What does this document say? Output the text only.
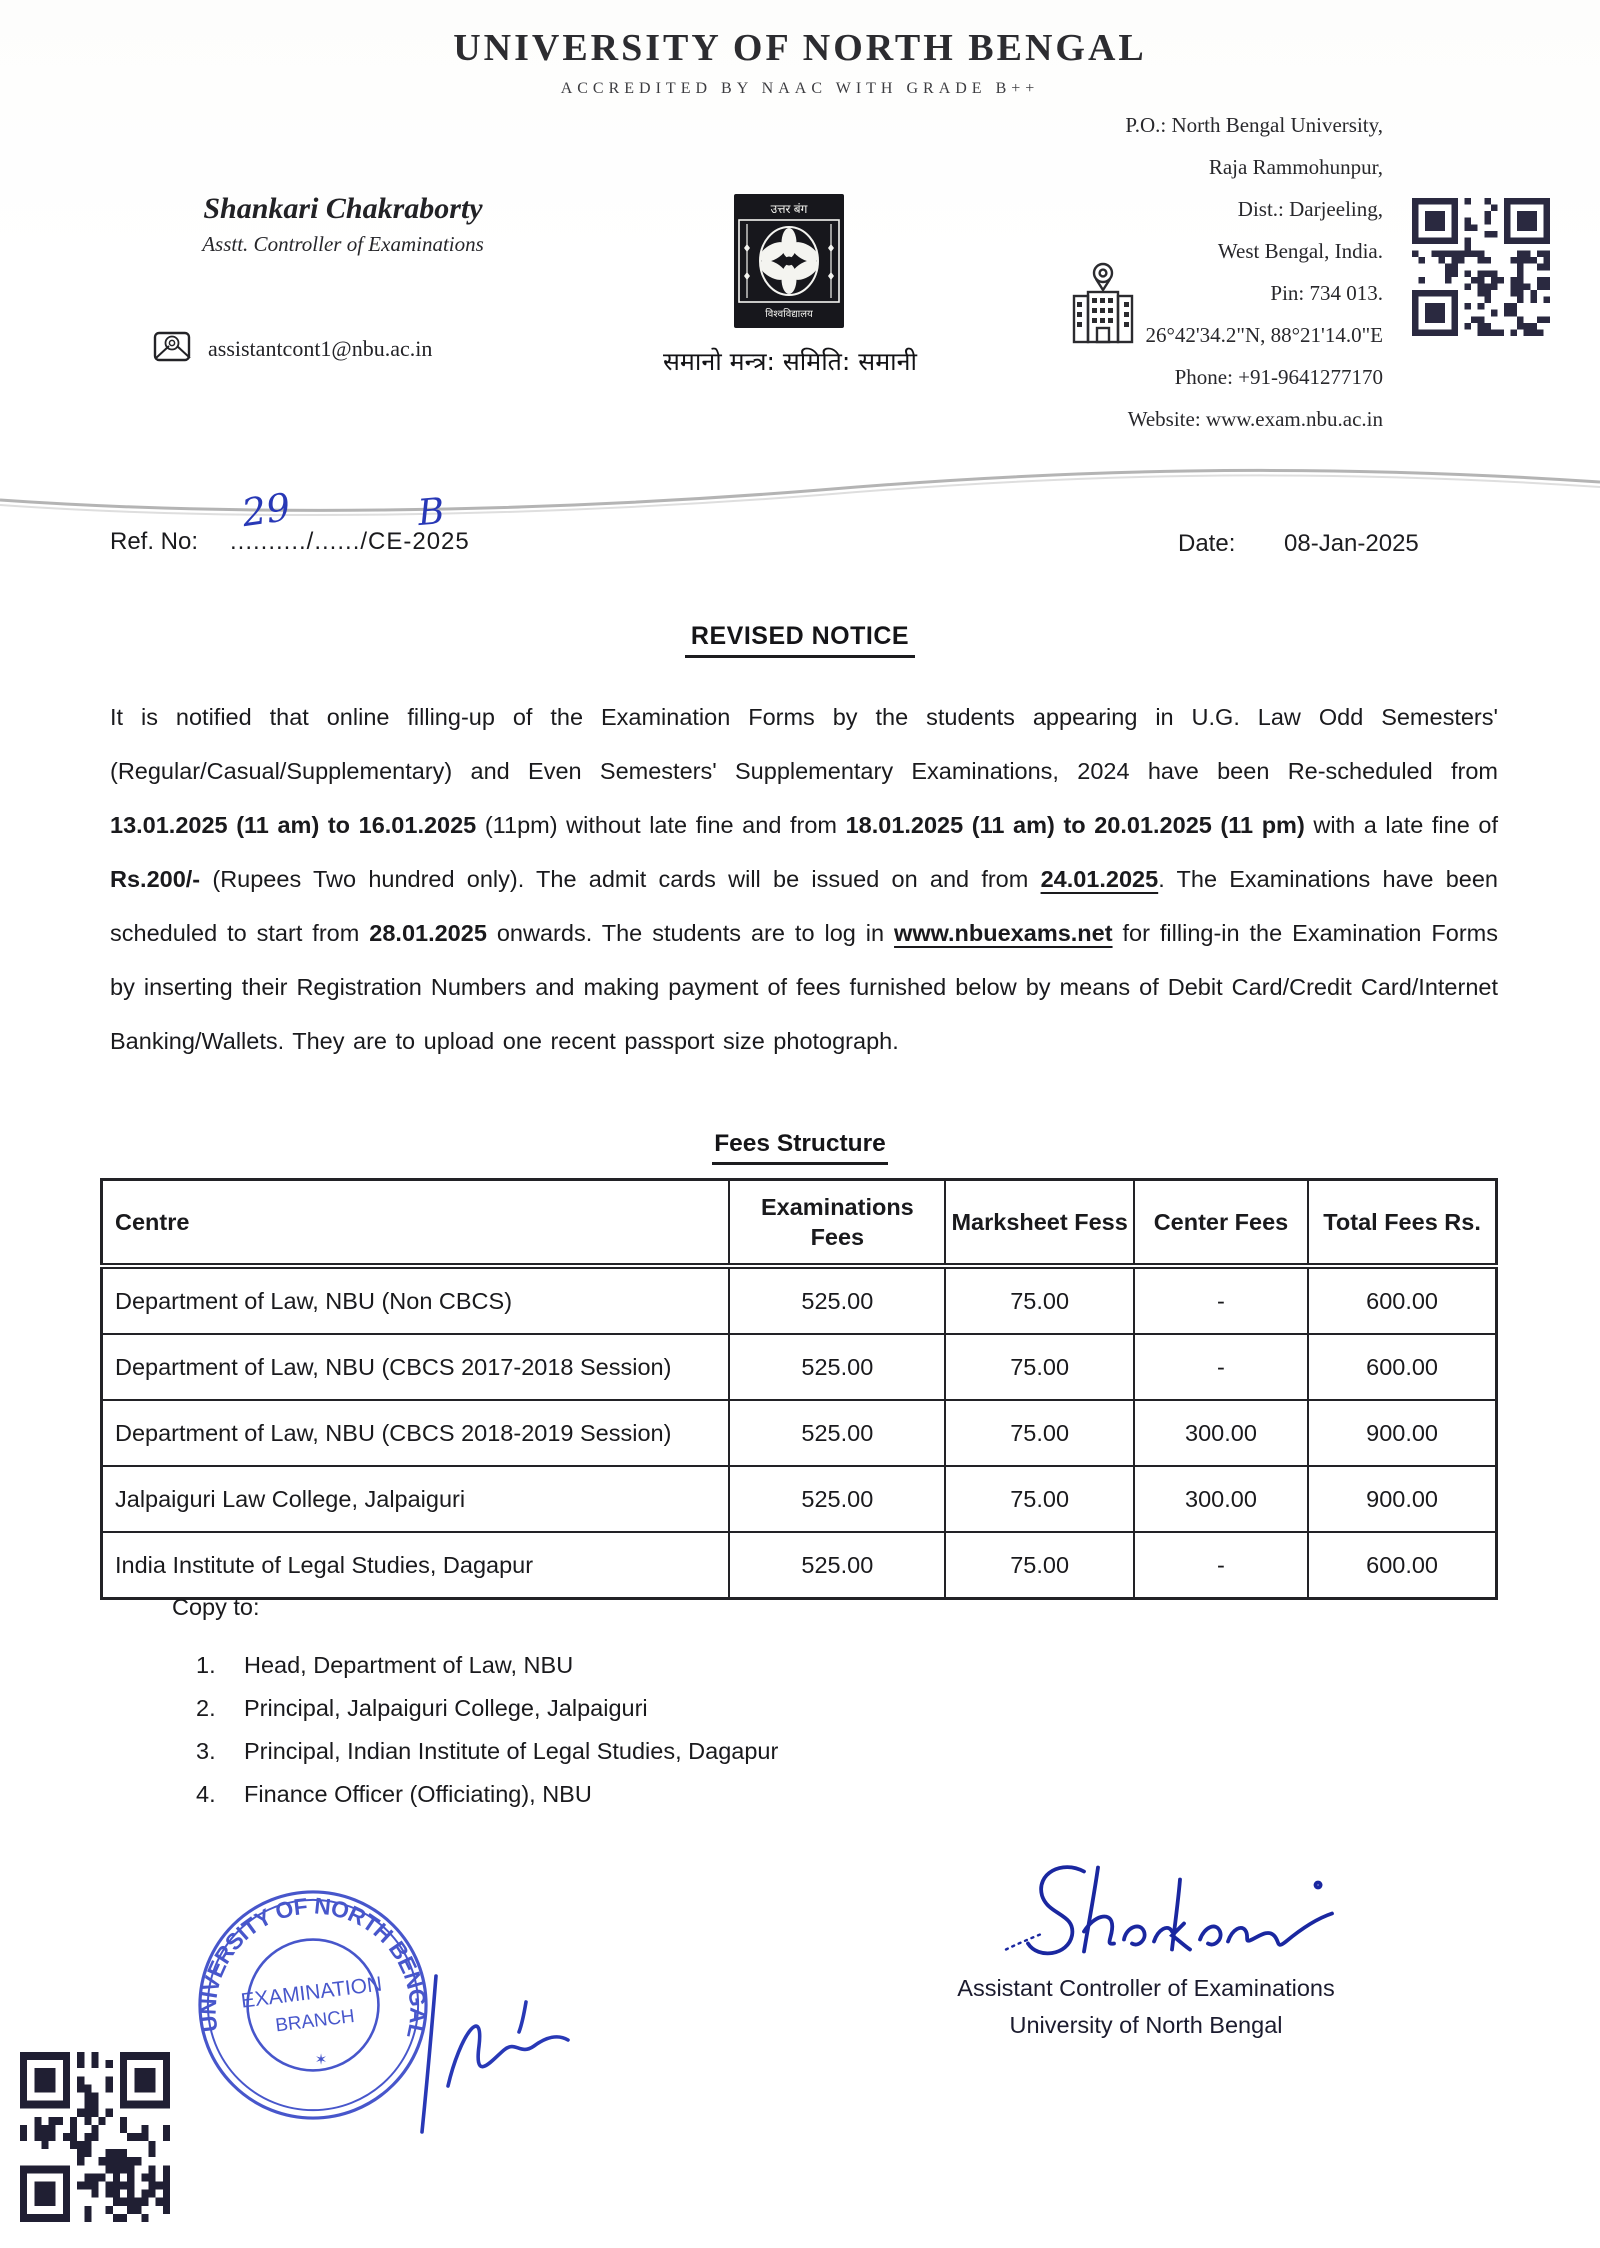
UNIVERSITY OF NORTH BENGAL
ACCREDITED BY NAAC WITH GRADE B++
Shankari Chakraborty
Asstt. Controller of Examinations
assistantcont1@nbu.ac.in
उत्तर बंग
विश्वविद्यालय
समानो मन्त्र: समिति: समानी
P.O.: North Bengal University,
Raja Rammohunpur,
Dist.: Darjeeling,
West Bengal, India.
Pin: 734 013.
26°42'34.2"N, 88°21'14.0"E
Phone: +91-9641277170
Website: www.exam.nbu.ac.in
Ref. No: ........../....../CE-2025
29	B
Date: 08-Jan-2025
REVISED NOTICE
It is notified that online filling-up of the Examination Forms by the students appearing in U.G. Law Odd Semesters' (Regular/Casual/Supplementary) and Even Semesters' Supplementary Examinations, 2024 have been Re-scheduled from 13.01.2025 (11 am) to 16.01.2025 (11pm) without late fine and from 18.01.2025 (11 am) to 20.01.2025 (11 pm) with a late fine of Rs.200/- (Rupees Two hundred only). The admit cards will be issued on and from 24.01.2025. The Examinations have been scheduled to start from 28.01.2025 onwards. The students are to log in www.nbuexams.net for filling-in the Examination Forms by inserting their Registration Numbers and making payment of fees furnished below by means of Debit Card/Credit Card/Internet Banking/Wallets. They are to upload one recent passport size photograph.
Fees Structure
Centre	Examinations Fees	Marksheet Fess	Center Fees	Total Fees Rs.
Department of Law, NBU (Non CBCS)	525.00	75.00	-	600.00
Department of Law, NBU (CBCS 2017-2018 Session)	525.00	75.00	-	600.00
Department of Law, NBU (CBCS 2018-2019 Session)	525.00	75.00	300.00	900.00
Jalpaiguri Law College, Jalpaiguri	525.00	75.00	300.00	900.00
India Institute of Legal Studies, Dagapur	525.00	75.00	-	600.00
Copy to:
1.	Head, Department of Law, NBU
2.	Principal, Jalpaiguri College, Jalpaiguri
3.	Principal, Indian Institute of Legal Studies, Dagapur
4.	Finance Officer (Officiating), NBU
UNIVERSITY OF NORTH BENGAL
EXAMINATION
BRANCH
✶
Assistant Controller of Examinations
University of North Bengal
